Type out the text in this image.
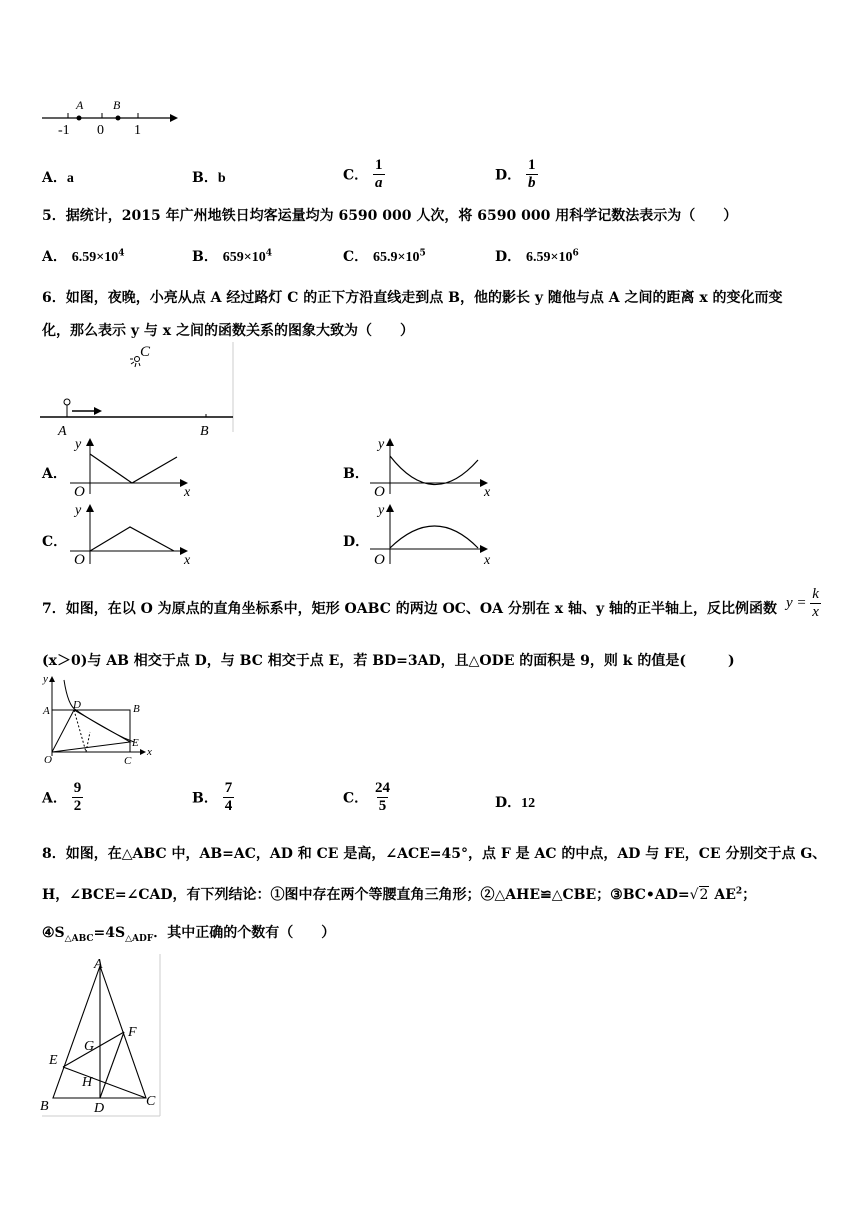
A B
-1 0 1
A．a	B．b	C． $\frac{1}{a}$	D． $\frac{1}{b}$
5．据统计，2015 年广州地铁日均客运量均为 6590 000 人次，将 6590 000 用科学记数法表示为（　　）
A． $6.59\times 10^4$	B． $659\times 10^4$	C． $65.9\times 10^5$	D． $6.59\times 10^6$
6．如图，夜晚，小亮从点 A 经过路灯 C 的正下方沿直线走到点 B，他的影长 y 随他与点 A 之间的距离 x 的变化而变
化，那么表示 y 与 x 之间的函数关系的图象大致为（　　）
C
A	B
A．	B．
C．	D．
y
O	x
y
O	x
y
O	x
y
O	x
7．如图，在以 O 为原点的直角坐标系中，矩形 OABC 的两边 OC、OA 分别在 x 轴、y 轴的正半轴上，反比例函数 $y = \frac{k}{x}$
(x＞0)与 AB 相交于点 D，与 BC 相交于点 E，若 BD=3AD，且△ODE 的面积是 9，则 k 的值是(　　　)
y
x
O
A	B
C
D
E
A． $\frac{9}{2}$	B． $\frac{7}{4}$	C． $\frac{24}{5}$	D．12
8．如图，在△ABC 中，AB=AC，AD 和 CE 是高，∠ACE=45°，点 F 是 AC 的中点，AD 与 FE，CE 分别交于点 G、
H，∠BCE=∠CAD，有下列结论：①图中存在两个等腰直角三角形；②△AHE≌△CBE；③BC•AD=√2 $AE^2$；
$④S_{\triangle ABC}=4S_{\triangle ADF}$．其中正确的个数有（　　）
A
B	C
D
E
F
G
H
